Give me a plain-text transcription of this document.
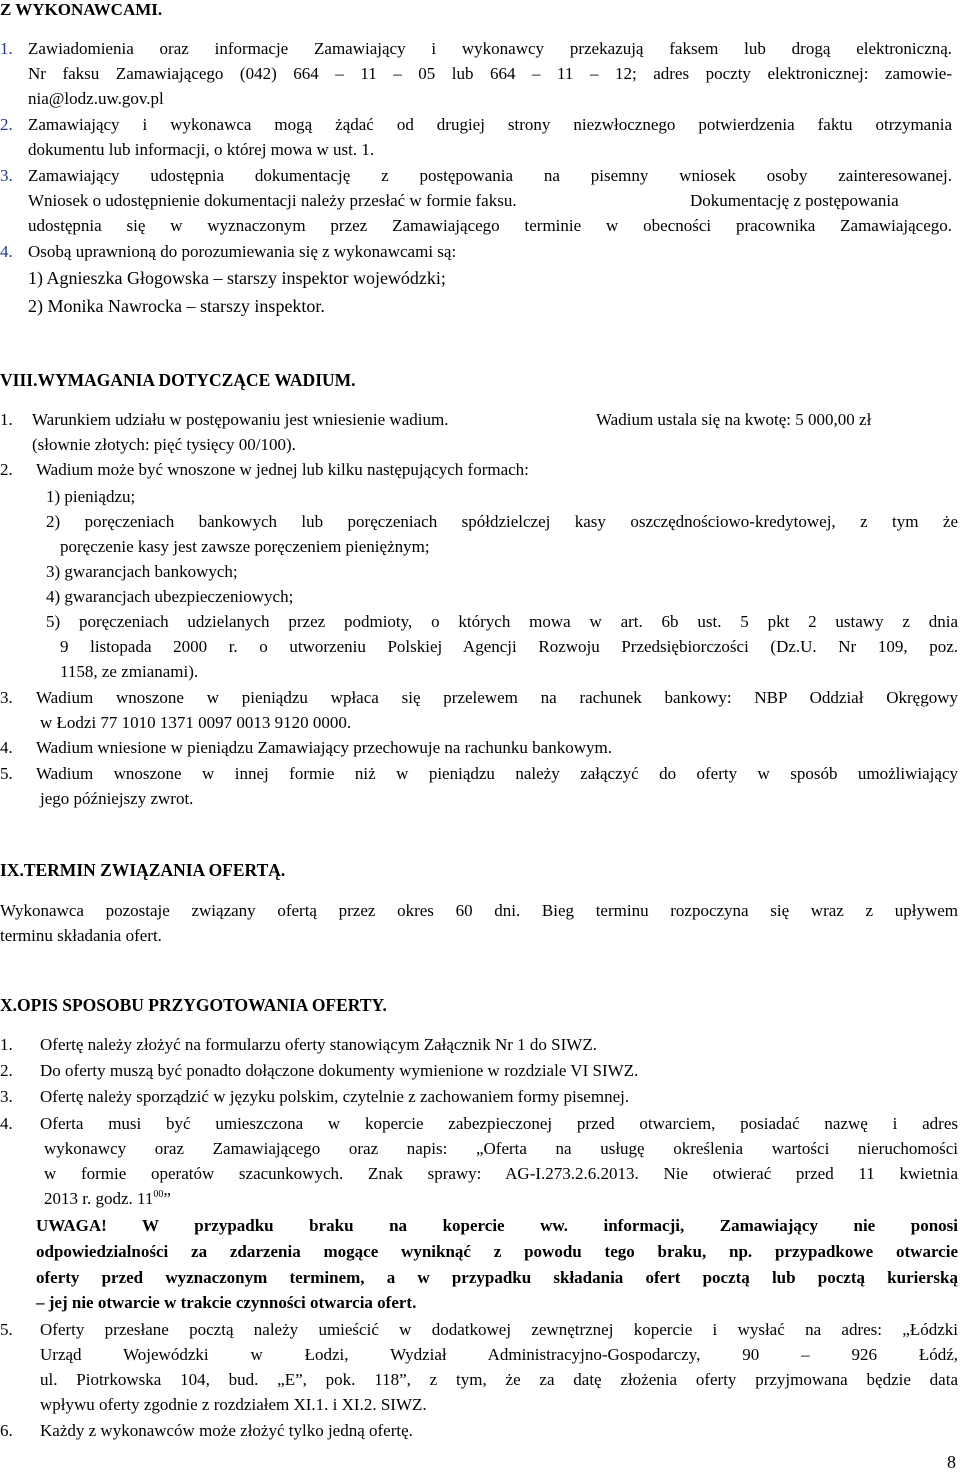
Z WYKONAWCAMI.
1. Zawiadomienia oraz informacje Zamawiający i wykonawcy przekazują faksem lub drogą elektroniczną.
Nr faksu Zamawiającego (042) 664 – 11 – 05 lub 664 – 11 – 12; adres poczty elektronicznej: zamowie-
nia@lodz.uw.gov.pl
2. Zamawiający i wykonawca mogą żądać od drugiej strony niezwłocznego potwierdzenia faktu otrzymania
dokumentu lub informacji, o której mowa w ust. 1.
3. Zamawiający udostępnia dokumentację z postępowania na pisemny wniosek osoby zainteresowanej.
Wniosek o udostępnienie dokumentacji należy przesłać w formie faksu.	Dokumentację z postępowania
udostępnia się w wyznaczonym przez Zamawiającego terminie w obecności pracownika Zamawiającego.
4. Osobą uprawnioną do porozumiewania się z wykonawcami są:
1) Agnieszka Głogowska – starszy inspektor wojewódzki;
2) Monika Nawrocka – starszy inspektor.
VIII.WYMAGANIA DOTYCZĄCE WADIUM.
1. Warunkiem udziału w postępowaniu jest wniesienie wadium.	Wadium ustala się na kwotę: 5 000,00 zł
(słownie złotych: pięć tysięcy 00/100).
2. Wadium może być wnoszone w jednej lub kilku następujących formach:
1) pieniądzu;
2) poręczeniach bankowych lub poręczeniach spółdzielczej kasy oszczędnościowo-kredytowej, z tym że
poręczenie kasy jest zawsze poręczeniem pieniężnym;
3) gwarancjach bankowych;
4) gwarancjach ubezpieczeniowych;
5) poręczeniach udzielanych przez podmioty, o których mowa w art. 6b ust. 5 pkt 2 ustawy z dnia
9 listopada 2000 r. o utworzeniu Polskiej Agencji Rozwoju Przedsiębiorczości (Dz.U. Nr 109, poz.
1158, ze zmianami).
3. Wadium wnoszone w pieniądzu wpłaca się przelewem na rachunek bankowy: NBP Oddział Okręgowy
w Łodzi 77 1010 1371 0097 0013 9120 0000.
4. Wadium wniesione w pieniądzu Zamawiający przechowuje na rachunku bankowym.
5. Wadium wnoszone w innej formie niż w pieniądzu należy załączyć do oferty w sposób umożliwiający
jego późniejszy zwrot.
IX.TERMIN ZWIĄZANIA OFERTĄ.
Wykonawca pozostaje związany ofertą przez okres 60 dni. Bieg terminu rozpoczyna się wraz z upływem
terminu składania ofert.
X.OPIS SPOSOBU PRZYGOTOWANIA OFERTY.
1. Ofertę należy złożyć na formularzu oferty stanowiącym Załącznik Nr 1 do SIWZ.
2. Do oferty muszą być ponadto dołączone dokumenty wymienione w rozdziale VI SIWZ.
3. Ofertę należy sporządzić w języku polskim, czytelnie z zachowaniem formy pisemnej.
4. Oferta musi być umieszczona w kopercie zabezpieczonej przed otwarciem, posiadać nazwę i adres
wykonawcy oraz Zamawiającego oraz napis: „Oferta na usługę określenia wartości nieruchomości
w formie operatów szacunkowych. Znak sprawy: AG-I.273.2.6.2013. Nie otwierać przed 11 kwietnia
2013 r. godz. $11^{00}$”
UWAGA! W przypadku braku na kopercie ww. informacji, Zamawiający nie ponosi
odpowiedzialności za zdarzenia mogące wyniknąć z powodu tego braku, np. przypadkowe otwarcie
oferty przed wyznaczonym terminem, a w przypadku składania ofert pocztą lub pocztą kurierską
– jej nie otwarcie w trakcie czynności otwarcia ofert.
5. Oferty przesłane pocztą należy umieścić w dodatkowej zewnętrznej kopercie i wysłać na adres: „Łódzki
Urząd Wojewódzki w Łodzi, Wydział Administracyjno-Gospodarczy, 90 – 926 Łódź,
ul. Piotrkowska 104, bud. „E”, pok. 118”, z tym, że za datę złożenia oferty przyjmowana będzie data
wpływu oferty zgodnie z rozdziałem XI.1. i XI.2. SIWZ.
6. Każdy z wykonawców może złożyć tylko jedną ofertę.
8
